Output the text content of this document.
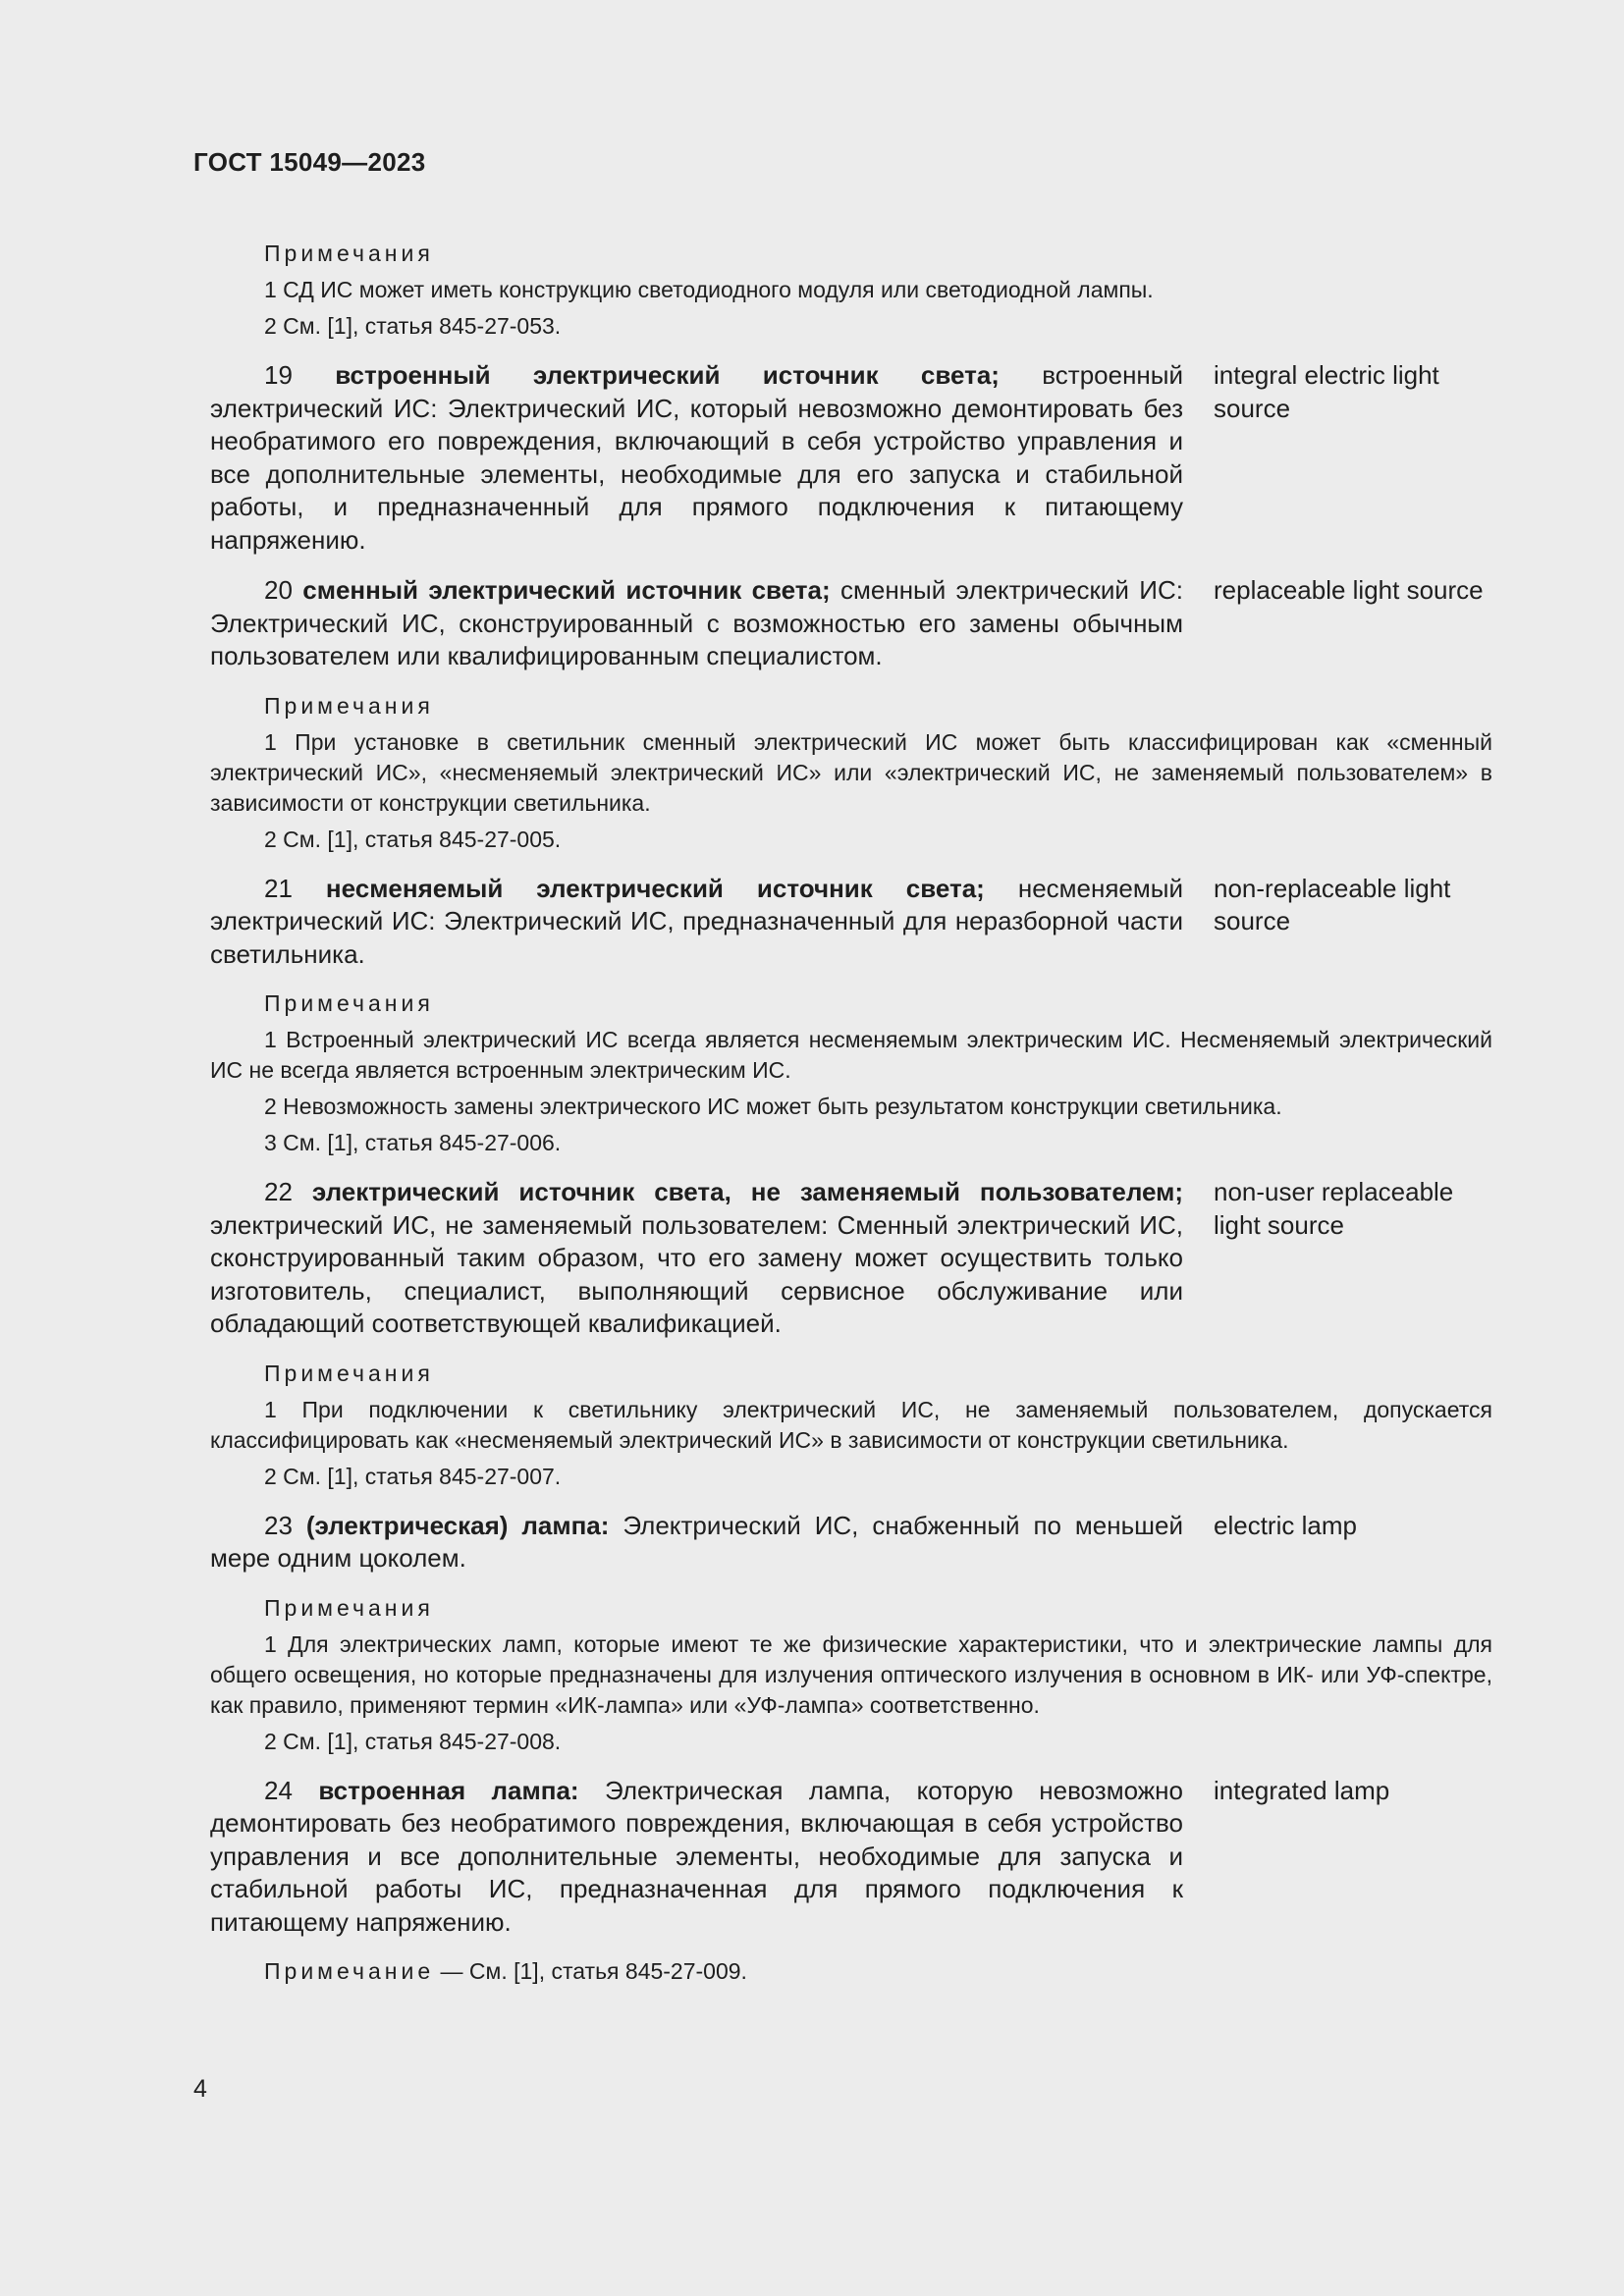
ГОСТ 15049—2023
Примечания
1 СД ИС может иметь конструкцию светодиодного модуля или светодиодной лампы.
2 См. [1], статья 845-27-053.
19 встроенный электрический источник света; встроенный электрический ИС: Электрический ИС, который невозможно демонтировать без необратимого его повреждения, включающий в себя устройство управления и все дополнительные элементы, необходимые для его запуска и стабильной работы, и предназначенный для прямого подключения к питающему напряжению.
integral electric light source
20 сменный электрический источник света; сменный электрический ИС: Электрический ИС, сконструированный с возможностью его замены обычным пользователем или квалифицированным специалистом.
replaceable light source
Примечания
1 При установке в светильник сменный электрический ИС может быть классифицирован как «сменный электрический ИС», «несменяемый электрический ИС» или «электрический ИС, не заменяемый пользователем» в зависимости от конструкции светильника.
2 См. [1], статья 845-27-005.
21 несменяемый электрический источник света; несменяемый электрический ИС: Электрический ИС, предназначенный для неразборной части светильника.
non-replaceable light source
Примечания
1 Встроенный электрический ИС всегда является несменяемым электрическим ИС. Несменяемый электрический ИС не всегда является встроенным электрическим ИС.
2 Невозможность замены электрического ИС может быть результатом конструкции светильника.
3 См. [1], статья 845-27-006.
22 электрический источник света, не заменяемый пользователем; электрический ИС, не заменяемый пользователем: Сменный электрический ИС, сконструированный таким образом, что его замену может осуществить только изготовитель, специалист, выполняющий сервисное обслуживание или обладающий соответствующей квалификацией.
non-user replaceable light source
Примечания
1 При подключении к светильнику электрический ИС, не заменяемый пользователем, допускается классифицировать как «несменяемый электрический ИС» в зависимости от конструкции светильника.
2 См. [1], статья 845-27-007.
23 (электрическая) лампа: Электрический ИС, снабженный по меньшей мере одним цоколем.
electric lamp
Примечания
1 Для электрических ламп, которые имеют те же физические характеристики, что и электрические лампы для общего освещения, но которые предназначены для излучения оптического излучения в основном в ИК- или УФ-спектре, как правило, применяют термин «ИК-лампа» или «УФ-лампа» соответственно.
2 См. [1], статья 845-27-008.
24 встроенная лампа: Электрическая лампа, которую невозможно демонтировать без необратимого повреждения, включающая в себя устройство управления и все дополнительные элементы, необходимые для запуска и стабильной работы ИС, предназначенная для прямого подключения к питающему напряжению.
integrated lamp
Примечание — См. [1], статья 845-27-009.
4
